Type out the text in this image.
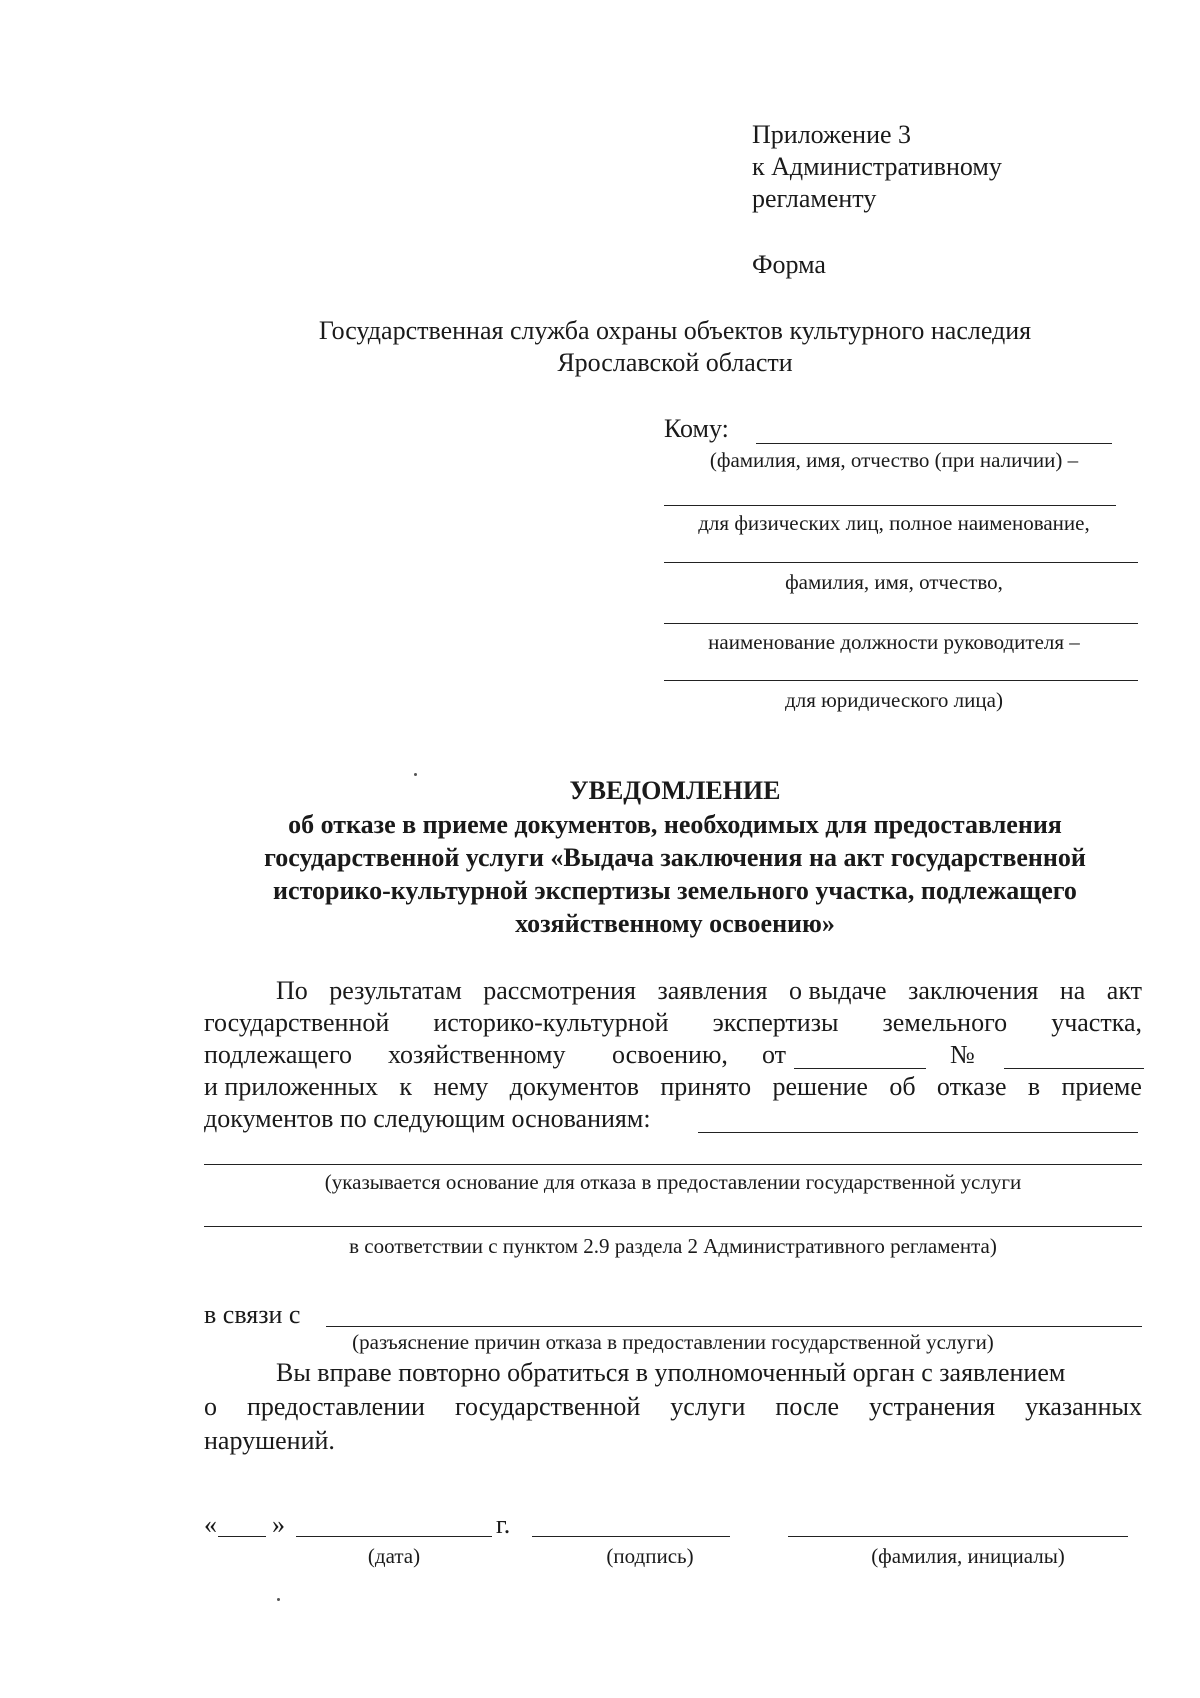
Приложение 3
к Административному
регламенту
Форма
Государственная служба охраны объектов культурного наследия
Ярославской области
Кому:
(фамилия, имя, отчество (при наличии) –
для физических лиц, полное наименование,
фамилия, имя, отчество,
наименование должности руководителя –
для юридического лица)
УВЕДОМЛЕНИЕ
об отказе в приеме документов, необходимых для предоставления
государственной услуги «Выдача заключения на акт государственной
историко-культурной экспертизы земельного участка, подлежащего
хозяйственному освоению»
По результатам рассмотрения заявления о выдаче заключения на акт
государственной историко-культурной экспертизы земельного участка,
подлежащего хозяйственному освоению, от	№
и приложенных к нему документов принято решение об отказе в приеме
документов по следующим основаниям:
(указывается основание для отказа в предоставлении государственной услуги
в соответствии с пунктом 2.9 раздела 2 Административного регламента)
в связи с
(разъяснение причин отказа в предоставлении государственной услуги)
Вы вправе повторно обратиться в уполномоченный орган с заявлением
о предоставлении государственной услуги после устранения указанных
нарушений.
« »	г.
(дата)	(подпись)	(фамилия, инициалы)
